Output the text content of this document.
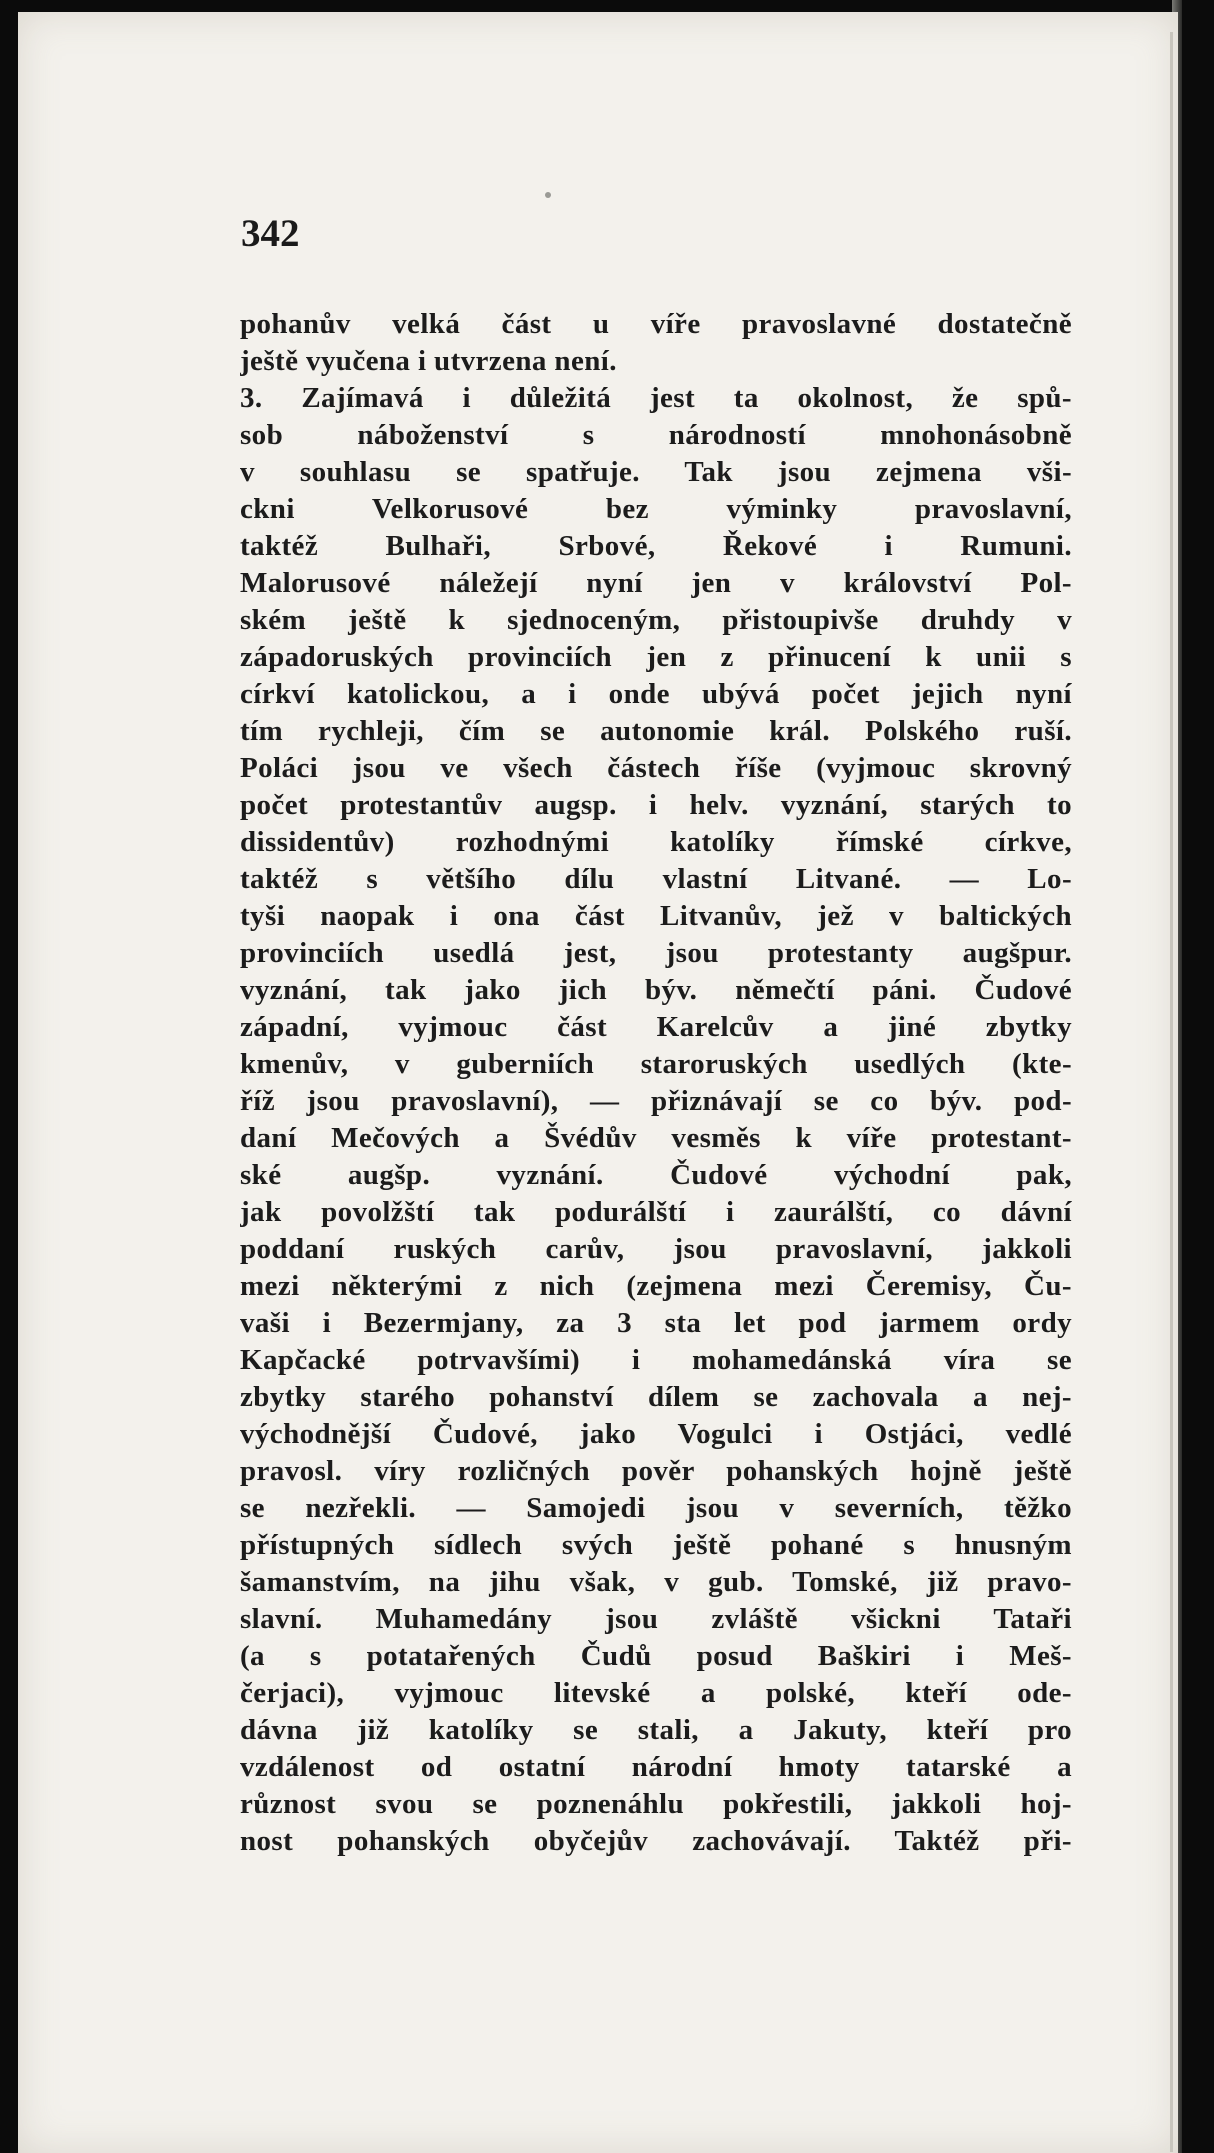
342
pohanův velká část u víře pravoslavné dostatečně
ještě vyučena i utvrzena není.
3. Zajímavá i důležitá jest ta okolnost, že spů-
sob náboženství s národností mnohonásobně
v souhlasu se spatřuje. Tak jsou zejmena vši-
ckni Velkorusové bez výminky pravoslavní,
taktéž Bulhaři, Srbové, Řekové i Rumuni.
Malorusové náležejí nyní jen v království Pol-
ském ještě k sjednoceným, přistoupivše druhdy v
západoruských provinciích jen z přinucení k unii s
církví katolickou, a i onde ubývá počet jejich nyní
tím rychleji, čím se autonomie král. Polského ruší.
Poláci jsou ve všech částech říše (vyjmouc skrovný
počet protestantův augsp. i helv. vyznání, starých to
dissidentův) rozhodnými katolíky římské církve,
taktéž s většího dílu vlastní Litvané. — Lo-
tyši naopak i ona část Litvanův, jež v baltických
provinciích usedlá jest, jsou protestanty augšpur.
vyznání, tak jako jich býv. němečtí páni. Čudové
západní, vyjmouc část Karelcův a jiné zbytky
kmenův, v guberniích staroruských usedlých (kte-
říž jsou pravoslavní), — přiznávají se co býv. pod-
daní Mečových a Švédův vesměs k víře protestant-
ské augšp. vyznání. Čudové východní pak,
jak povolžští tak podurálští i zaurálští, co dávní
poddaní ruských carův, jsou pravoslavní, jakkoli
mezi některými z nich (zejmena mezi Čeremisy, Ču-
vaši i Bezermjany, za 3 sta let pod jarmem ordy
Kapčacké potrvavšími) i mohamedánská víra se
zbytky starého pohanství dílem se zachovala a nej-
východnější Čudové, jako Vogulci i Ostjáci, vedlé
pravosl. víry rozličných pověr pohanských hojně ještě
se nezřekli. — Samojedi jsou v severních, těžko
přístupných sídlech svých ještě pohané s hnusným
šamanstvím, na jihu však, v gub. Tomské, již pravo-
slavní. Muhamedány jsou zvláště všickni Tataři
(a s potatařených Čudů posud Baškiri i Meš-
čerjaci), vyjmouc litevské a polské, kteří ode-
dávna již katolíky se stali, a Jakuty, kteří pro
vzdálenost od ostatní národní hmoty tatarské a
různost svou se poznenáhlu pokřestili, jakkoli hoj-
nost pohanských obyčejův zachovávají. Taktéž při-
